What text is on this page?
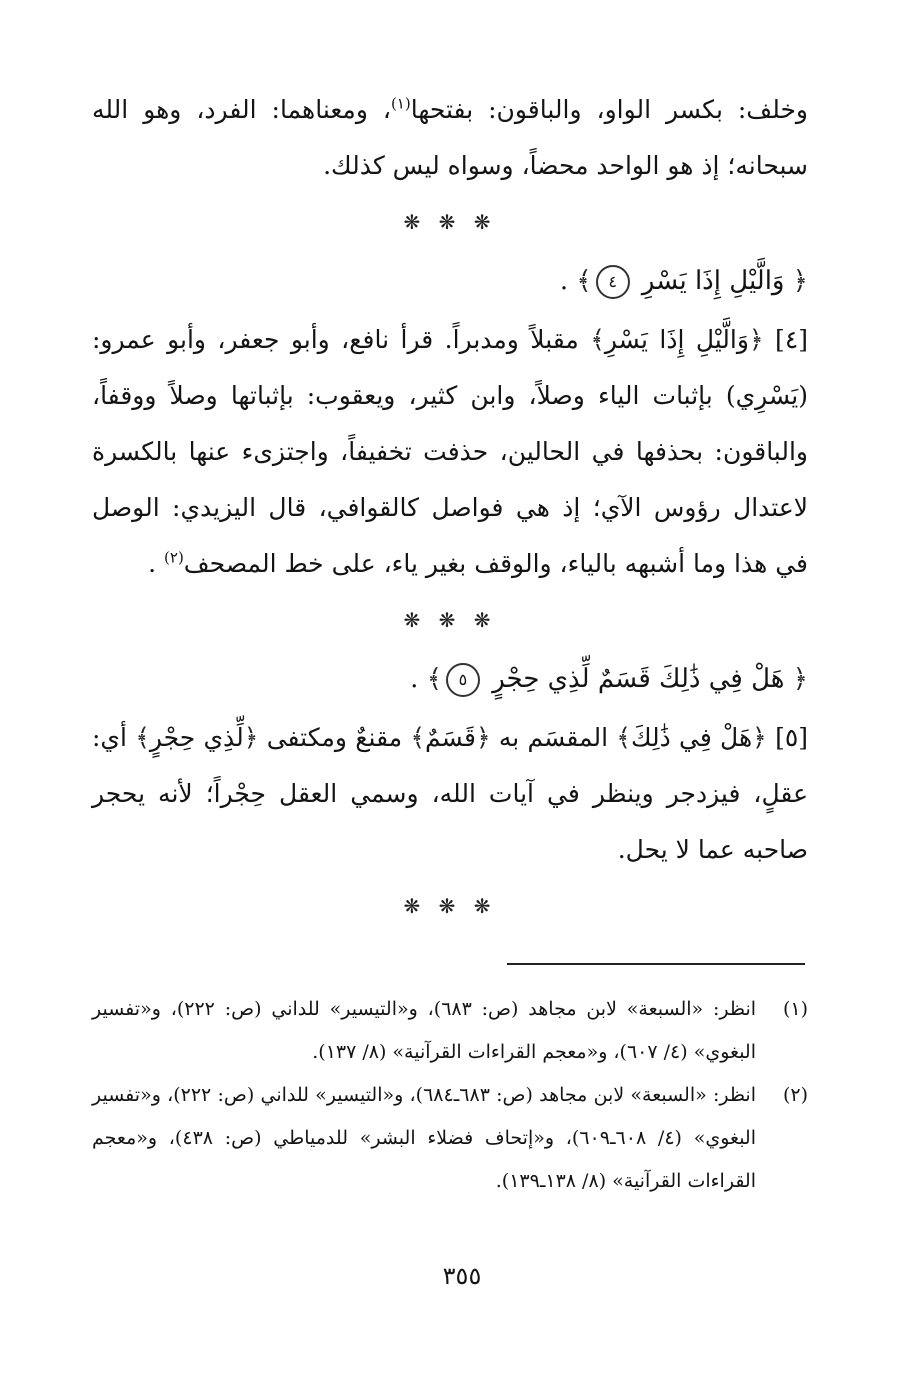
وخلف: بكسر الواو، والباقون: بفتحها$^{(١)}$، ومعناهما: الفرد، وهو الله سبحانه؛ إذ هو الواحد محضاً، وسواه ليس كذلك.

❋ ❋ ❋

﴿ وَالَّيْلِ إِذَا يَسْرِ ٤﴾ .

[٤] ﴿وَالَّيْلِ إِذَا يَسْرِ﴾ مقبلاً ومدبراً. قرأ نافع، وأبو جعفر، وأبو عمرو: (يَسْرِي) بإثبات الياء وصلاً، وابن كثير، ويعقوب: بإثباتها وصلاً ووقفاً، والباقون: بحذفها في الحالين، حذفت تخفيفاً، واجتزىء عنها بالكسرة لاعتدال رؤوس الآي؛ إذ هي فواصل كالقوافي، قال اليزيدي: الوصل في هذا وما أشبهه بالياء، والوقف بغير ياء، على خط المصحف$^{(٢)}$ .

❋ ❋ ❋

﴿ هَلْ فِي ذَٰلِكَ قَسَمٌ لِّذِي حِجْرٍ ٥﴾ .

[٥] ﴿هَلْ فِي ذَٰلِكَ﴾ المقسَم به ﴿قَسَمٌ﴾ مقنعٌ ومكتفى ﴿لِّذِي حِجْرٍ﴾ أي: عقلٍ، فيزدجر وينظر في آيات الله، وسمي العقل حِجْراً؛ لأنه يحجر صاحبه عما لا يحل.

❋ ❋ ❋

(١)
انظر: «السبعة» لابن مجاهد (ص: ٦٨٣)، و«التيسير» للداني (ص: ٢٢٢)، و«تفسير البغوي» (٤/ ٦٠٧)، و«معجم القراءات القرآنية» (٨/ ١٣٧).
(٢)
انظر: «السبعة» لابن مجاهد (ص: ٦٨٣ـ٦٨٤)، و«التيسير» للداني (ص: ٢٢٢)، و«تفسير البغوي» (٤/ ٦٠٨ـ٦٠٩)، و«إتحاف فضلاء البشر» للدمياطي (ص: ٤٣٨)، و«معجم القراءات القرآنية» (٨/ ١٣٨ـ١٣٩).
٣٥٥
